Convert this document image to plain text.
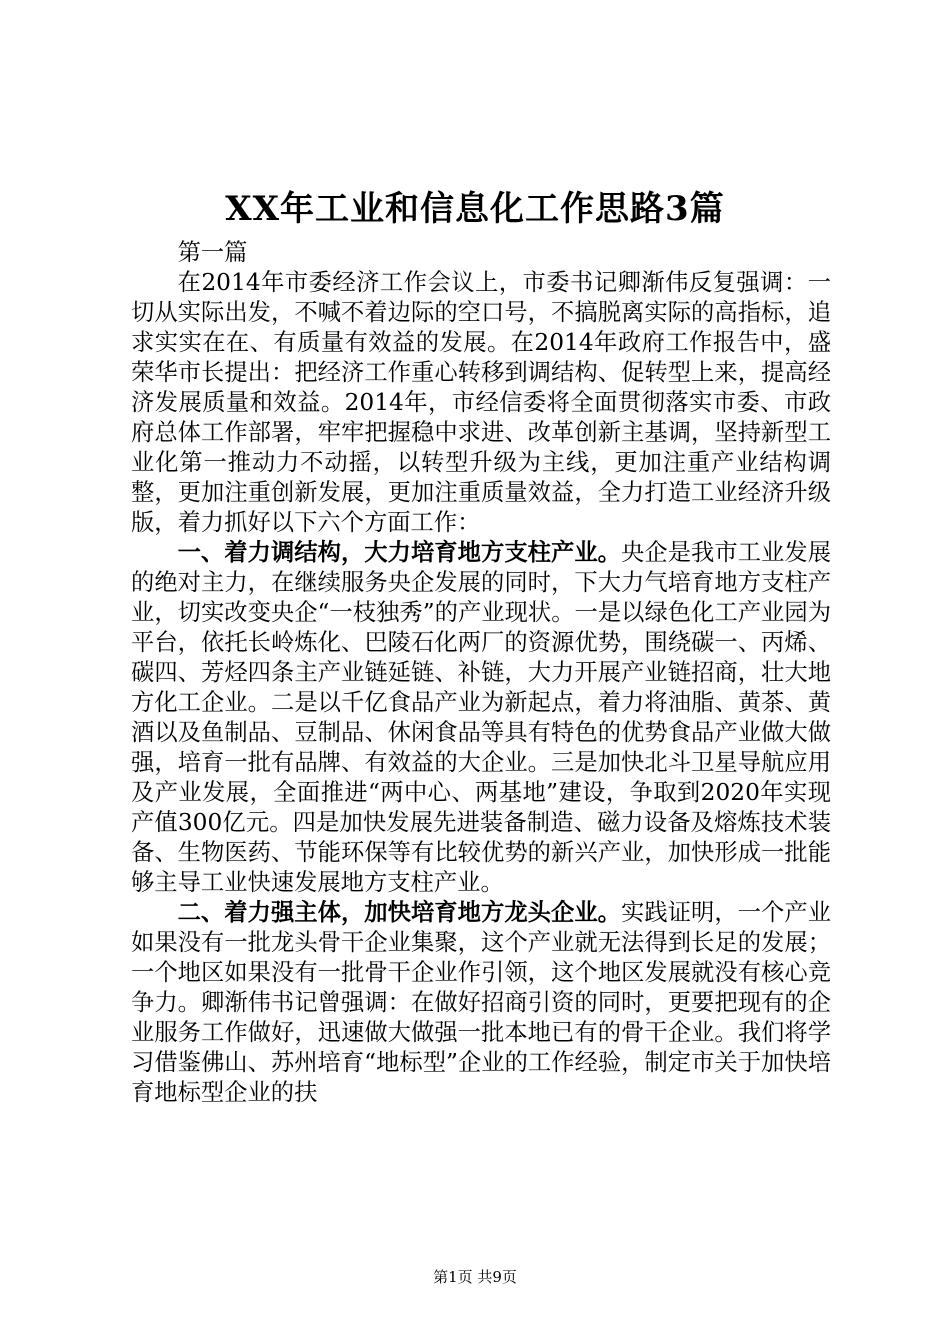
XX年工业和信息化工作思路3篇

第一篇

在2014年市委经济工作会议上，市委书记卿渐伟反复强调：一切从实际出发，不喊不着边际的空口号，不搞脱离实际的高指标，追求实实在在、有质量有效益的发展。在2014年政府工作报告中，盛荣华市长提出：把经济工作重心转移到调结构、促转型上来，提高经济发展质量和效益。2014年，市经信委将全面贯彻落实市委、市政府总体工作部署，牢牢把握稳中求进、改革创新主基调，坚持新型工业化第一推动力不动摇，以转型升级为主线，更加注重产业结构调整，更加注重创新发展，更加注重质量效益，全力打造工业经济升级版，着力抓好以下六个方面工作：

一、着力调结构，大力培育地方支柱产业。央企是我市工业发展的绝对主力，在继续服务央企发展的同时，下大力气培育地方支柱产业，切实改变央企“一枝独秀”的产业现状。一是以绿色化工产业园为平台，依托长岭炼化、巴陵石化两厂的资源优势，围绕碳一、丙烯、碳四、芳烃四条主产业链延链、补链，大力开展产业链招商，壮大地方化工企业。二是以千亿食品产业为新起点，着力将油脂、黄茶、黄酒以及鱼制品、豆制品、休闲食品等具有特色的优势食品产业做大做强，培育一批有品牌、有效益的大企业。三是加快北斗卫星导航应用及产业发展，全面推进“两中心、两基地”建设，争取到2020年实现产值300亿元。四是加快发展先进装备制造、磁力设备及熔炼技术装备、生物医药、节能环保等有比较优势的新兴产业，加快形成一批能够主导工业快速发展地方支柱产业。

二、着力强主体，加快培育地方龙头企业。实践证明，一个产业如果没有一批龙头骨干企业集聚，这个产业就无法得到长足的发展；一个地区如果没有一批骨干企业作引领，这个地区发展就没有核心竞争力。卿渐伟书记曾强调：在做好招商引资的同时，更要把现有的企业服务工作做好，迅速做大做强一批本地已有的骨干企业。我们将学习借鉴佛山、苏州培育“地标型”企业的工作经验，制定市关于加快培育地标型企业的扶

第1页 共9页
